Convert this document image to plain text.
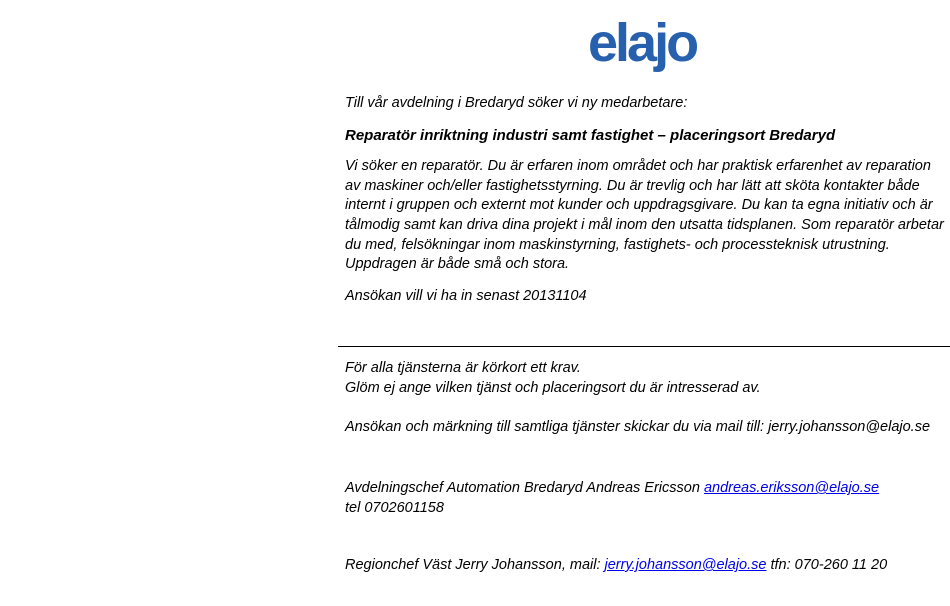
elajo

Till vår avdelning i Bredaryd söker vi ny medarbetare:

Reparatör inriktning industri samt fastighet – placeringsort Bredaryd

Vi söker en reparatör. Du är erfaren inom området och har praktisk erfarenhet av reparation av maskiner och/eller fastighetsstyrning. Du är trevlig och har lätt att sköta kontakter både internt i gruppen och externt mot kunder och uppdragsgivare. Du kan ta egna initiativ och är tålmodig samt kan driva dina projekt i mål inom den utsatta tidsplanen. Som reparatör arbetar du med, felsökningar inom maskinstyrning, fastighets- och processteknisk utrustning. Uppdragen är både små och stora.

Ansökan vill vi ha in senast 20131104

För alla tjänsterna är körkort ett krav.

Glöm ej ange vilken tjänst och placeringsort du är intresserad av.

Ansökan och märkning till samtliga tjänster skickar du via mail till: jerry.johansson@elajo.se

Avdelningschef Automation Bredaryd Andreas Ericsson andreas.eriksson@elajo.se

tel 0702601158

Regionchef Väst Jerry Johansson, mail: jerry.johansson@elajo.se tfn: 070-260 11 20
